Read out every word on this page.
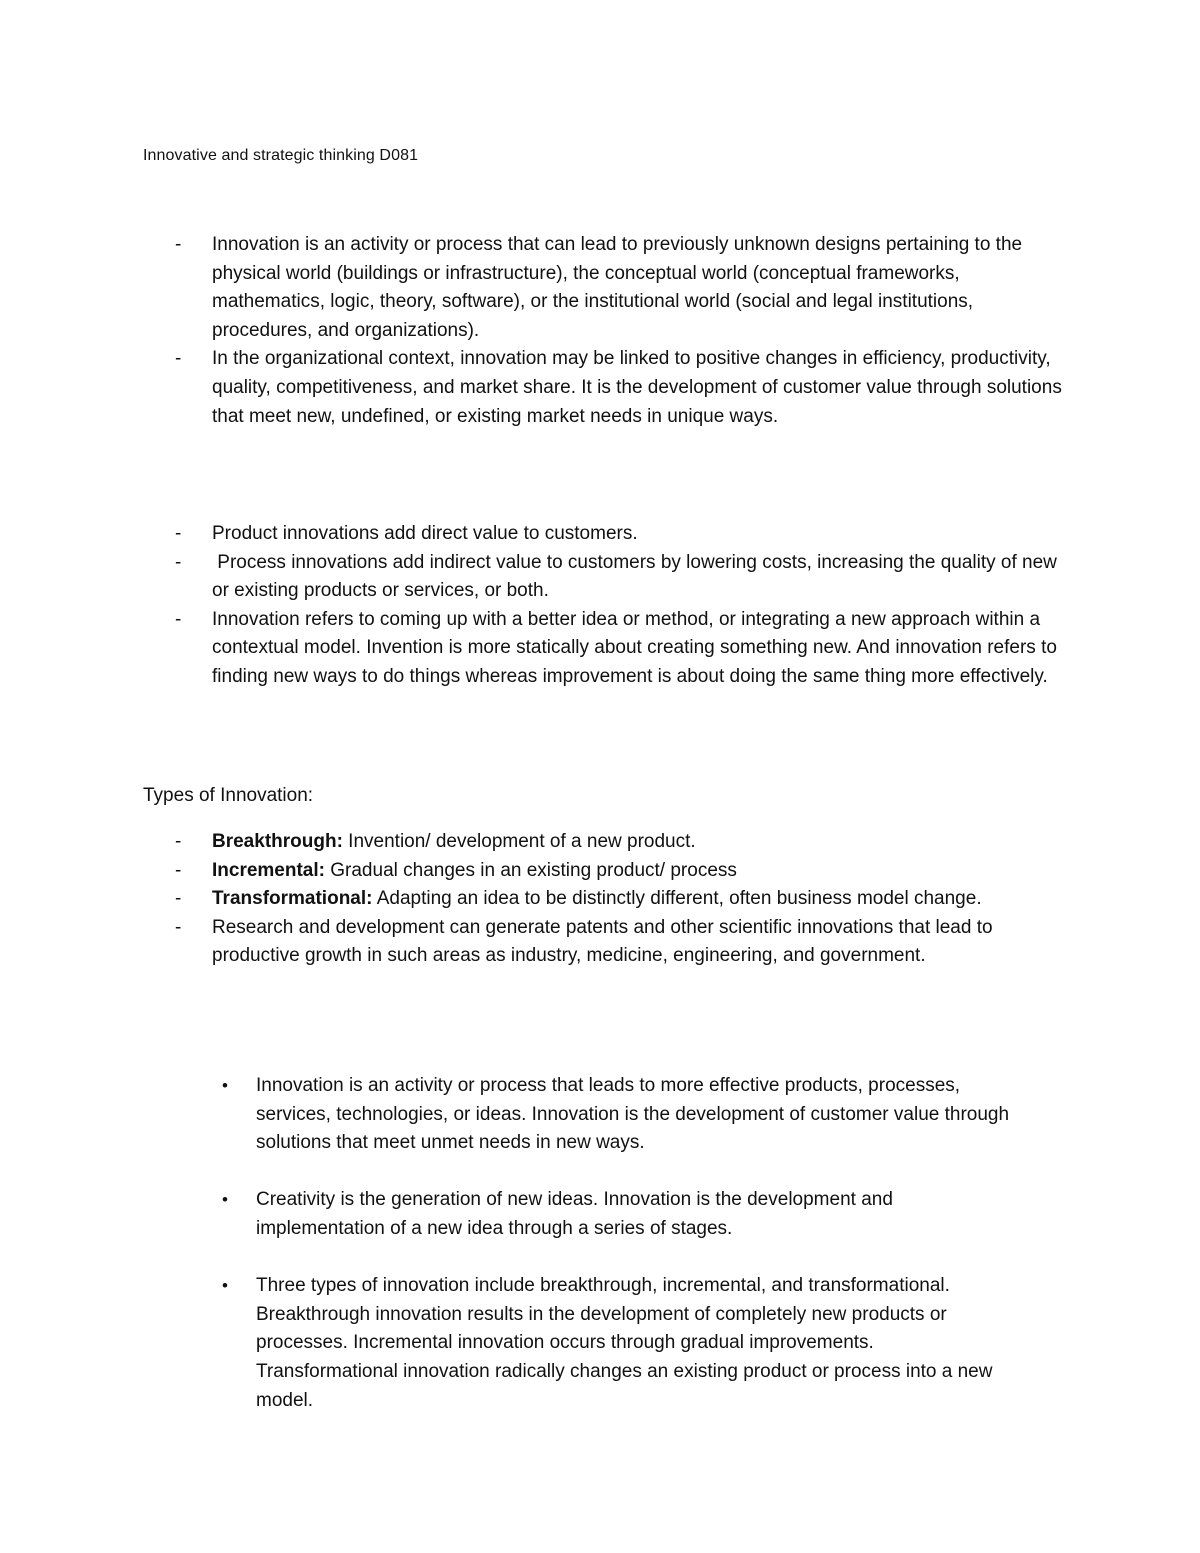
Innovative and strategic thinking D081
- Innovation is an activity or process that can lead to previously unknown designs pertaining to the physical world (buildings or infrastructure), the conceptual world (conceptual frameworks, mathematics, logic, theory, software), or the institutional world (social and legal institutions, procedures, and organizations).
- In the organizational context, innovation may be linked to positive changes in efficiency, productivity, quality, competitiveness, and market share. It is the development of customer value through solutions that meet new, undefined, or existing market needs in unique ways.
- Product innovations add direct value to customers.
- Process innovations add indirect value to customers by lowering costs, increasing the quality of new or existing products or services, or both.
- Innovation refers to coming up with a better idea or method, or integrating a new approach within a contextual model. Invention is more statically about creating something new. And innovation refers to finding new ways to do things whereas improvement is about doing the same thing more effectively.
Types of Innovation:
- Breakthrough: Invention/ development of a new product.
- Incremental: Gradual changes in an existing product/ process
- Transformational: Adapting an idea to be distinctly different, often business model change.
- Research and development can generate patents and other scientific innovations that lead to productive growth in such areas as industry, medicine, engineering, and government.
• Innovation is an activity or process that leads to more effective products, processes, services, technologies, or ideas. Innovation is the development of customer value through solutions that meet unmet needs in new ways.
• Creativity is the generation of new ideas. Innovation is the development and implementation of a new idea through a series of stages.
• Three types of innovation include breakthrough, incremental, and transformational. Breakthrough innovation results in the development of completely new products or processes. Incremental innovation occurs through gradual improvements. Transformational innovation radically changes an existing product or process into a new model.
